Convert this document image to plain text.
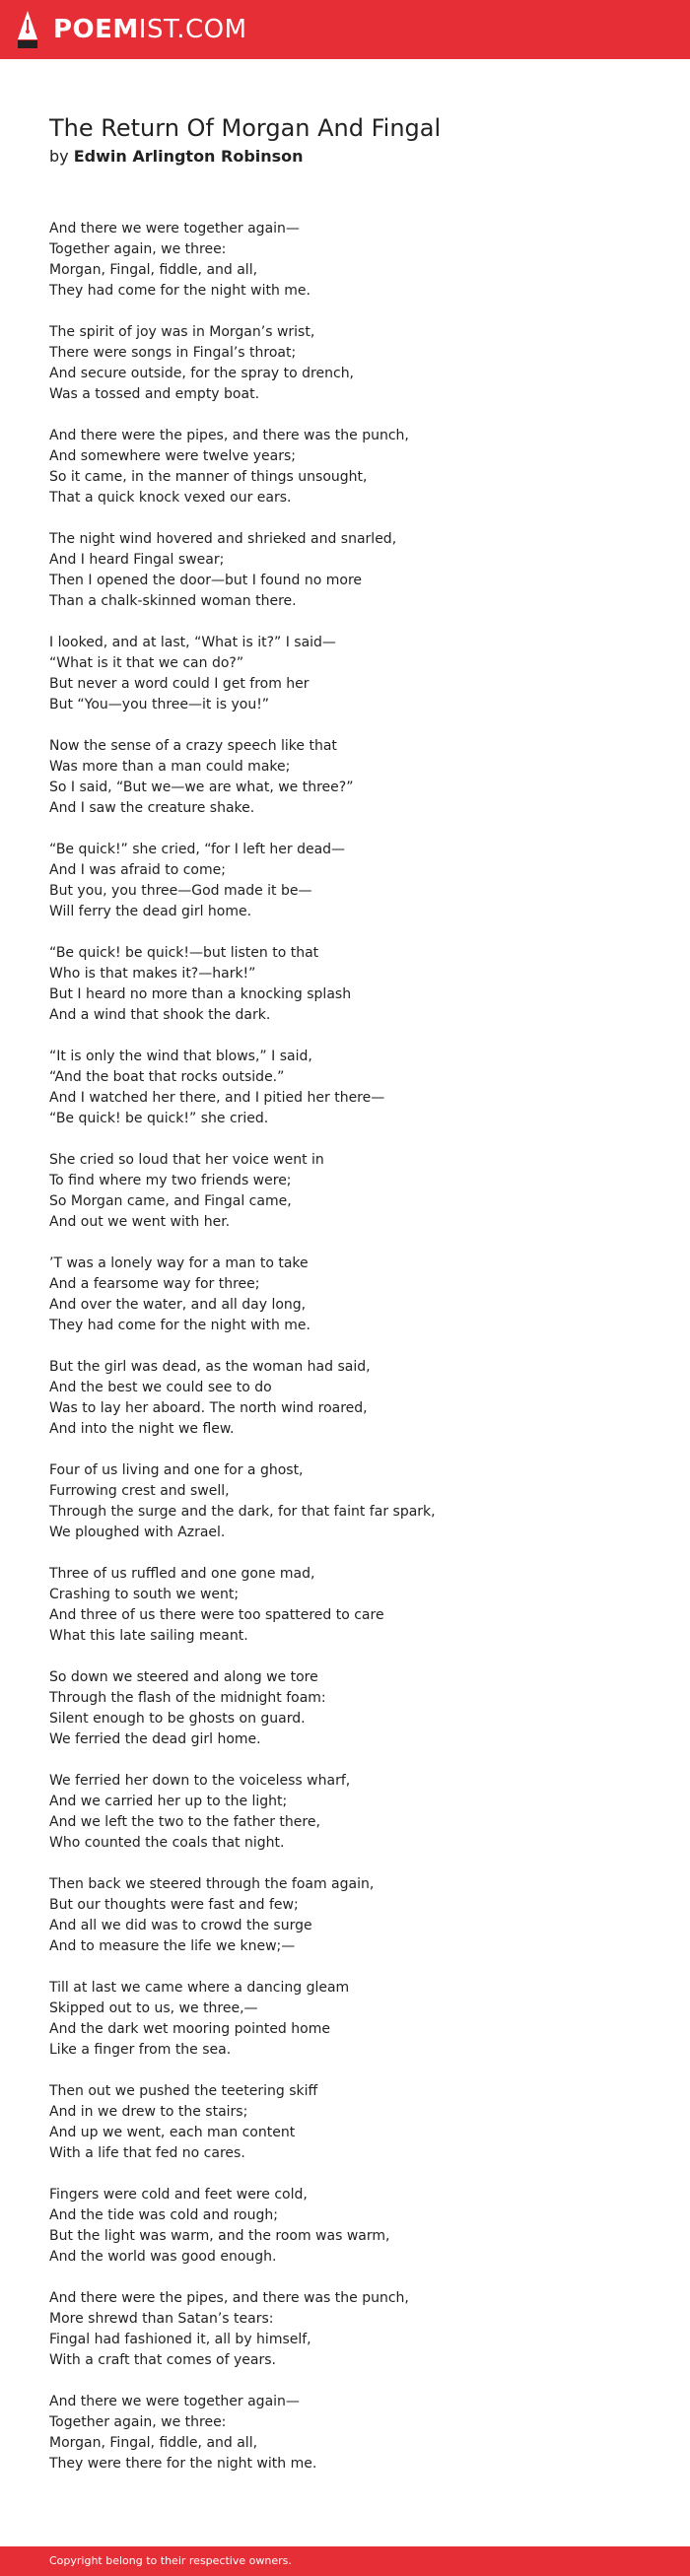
POEMIST.COM
The Return Of Morgan And Fingal
by Edwin Arlington Robinson
And there we were together again—
Together again, we three:
Morgan, Fingal, fiddle, and all,
They had come for the night with me.
The spirit of joy was in Morgan’s wrist,
There were songs in Fingal’s throat;
And secure outside, for the spray to drench,
Was a tossed and empty boat.
And there were the pipes, and there was the punch,
And somewhere were twelve years;
So it came, in the manner of things unsought,
That a quick knock vexed our ears.
The night wind hovered and shrieked and snarled,
And I heard Fingal swear;
Then I opened the door—but I found no more
Than a chalk-skinned woman there.
I looked, and at last, “What is it?” I said—
“What is it that we can do?”
But never a word could I get from her
But “You—you three—it is you!”
Now the sense of a crazy speech like that
Was more than a man could make;
So I said, “But we—we are what, we three?”
And I saw the creature shake.
“Be quick!” she cried, “for I left her dead—
And I was afraid to come;
But you, you three—God made it be—
Will ferry the dead girl home.
“Be quick! be quick!—but listen to that
Who is that makes it?—hark!”
But I heard no more than a knocking splash
And a wind that shook the dark.
“It is only the wind that blows,” I said,
“And the boat that rocks outside.”
And I watched her there, and I pitied her there—
“Be quick! be quick!” she cried.
She cried so loud that her voice went in
To find where my two friends were;
So Morgan came, and Fingal came,
And out we went with her.
’T was a lonely way for a man to take
And a fearsome way for three;
And over the water, and all day long,
They had come for the night with me.
But the girl was dead, as the woman had said,
And the best we could see to do
Was to lay her aboard. The north wind roared,
And into the night we flew.
Four of us living and one for a ghost,
Furrowing crest and swell,
Through the surge and the dark, for that faint far spark,
We ploughed with Azrael.
Three of us ruffled and one gone mad,
Crashing to south we went;
And three of us there were too spattered to care
What this late sailing meant.
So down we steered and along we tore
Through the flash of the midnight foam:
Silent enough to be ghosts on guard.
We ferried the dead girl home.
We ferried her down to the voiceless wharf,
And we carried her up to the light;
And we left the two to the father there,
Who counted the coals that night.
Then back we steered through the foam again,
But our thoughts were fast and few;
And all we did was to crowd the surge
And to measure the life we knew;—
Till at last we came where a dancing gleam
Skipped out to us, we three,—
And the dark wet mooring pointed home
Like a finger from the sea.
Then out we pushed the teetering skiff
And in we drew to the stairs;
And up we went, each man content
With a life that fed no cares.
Fingers were cold and feet were cold,
And the tide was cold and rough;
But the light was warm, and the room was warm,
And the world was good enough.
And there were the pipes, and there was the punch,
More shrewd than Satan’s tears:
Fingal had fashioned it, all by himself,
With a craft that comes of years.
And there we were together again—
Together again, we three:
Morgan, Fingal, fiddle, and all,
They were there for the night with me.
Copyright belong to their respective owners.
